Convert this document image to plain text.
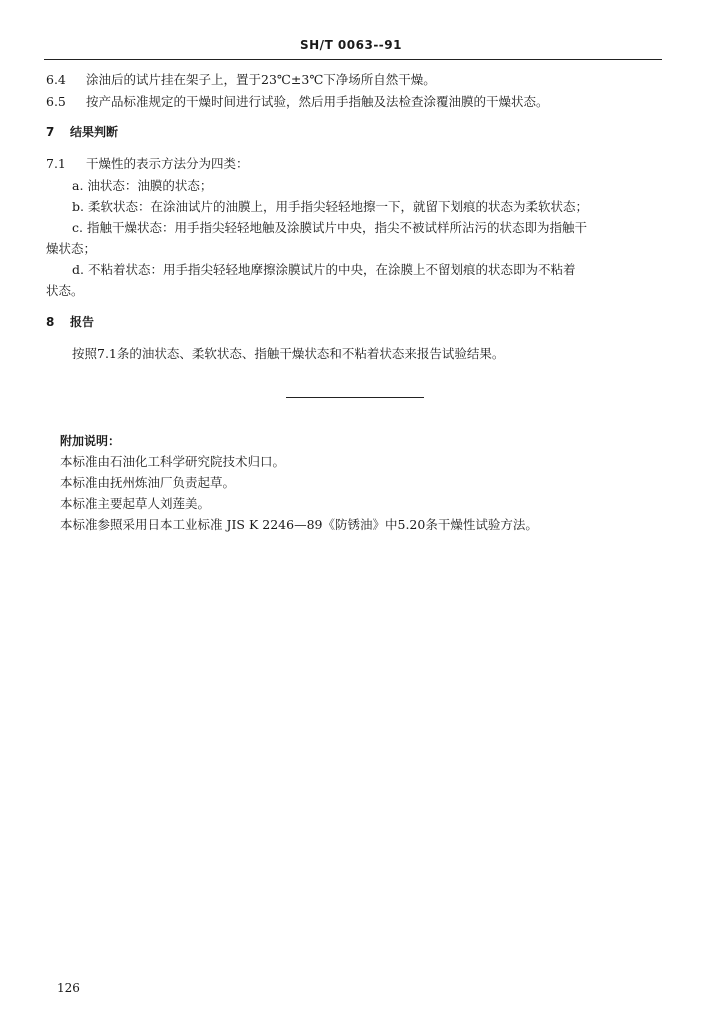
SH/T 0063--91
6.4 涂油后的试片挂在架子上，置于23℃±3℃下净场所自然干燥。
6.5 按产品标准规定的干燥时间进行试验，然后用手指触及法检查涂覆油膜的干燥状态。
7 结果判断
7.1 干燥性的表示方法分为四类：
a. 油状态：油膜的状态；
b. 柔软状态：在涂油试片的油膜上，用手指尖轻轻地擦一下，就留下划痕的状态为柔软状态；
c. 指触干燥状态：用手指尖轻轻地触及涂膜试片中央，指尖不被试样所沾污的状态即为指触干
燥状态；
d. 不粘着状态：用手指尖轻轻地摩擦涂膜试片的中央，在涂膜上不留划痕的状态即为不粘着
状态。
8 报告
按照7.1条的油状态、柔软状态、指触干燥状态和不粘着状态来报告试验结果。
附加说明：
本标准由石油化工科学研究院技术归口。
本标准由抚州炼油厂负责起草。
本标准主要起草人刘莲美。
本标准参照采用日本工业标准 JIS K 2246—89《防锈油》中5.20条干燥性试验方法。
126
